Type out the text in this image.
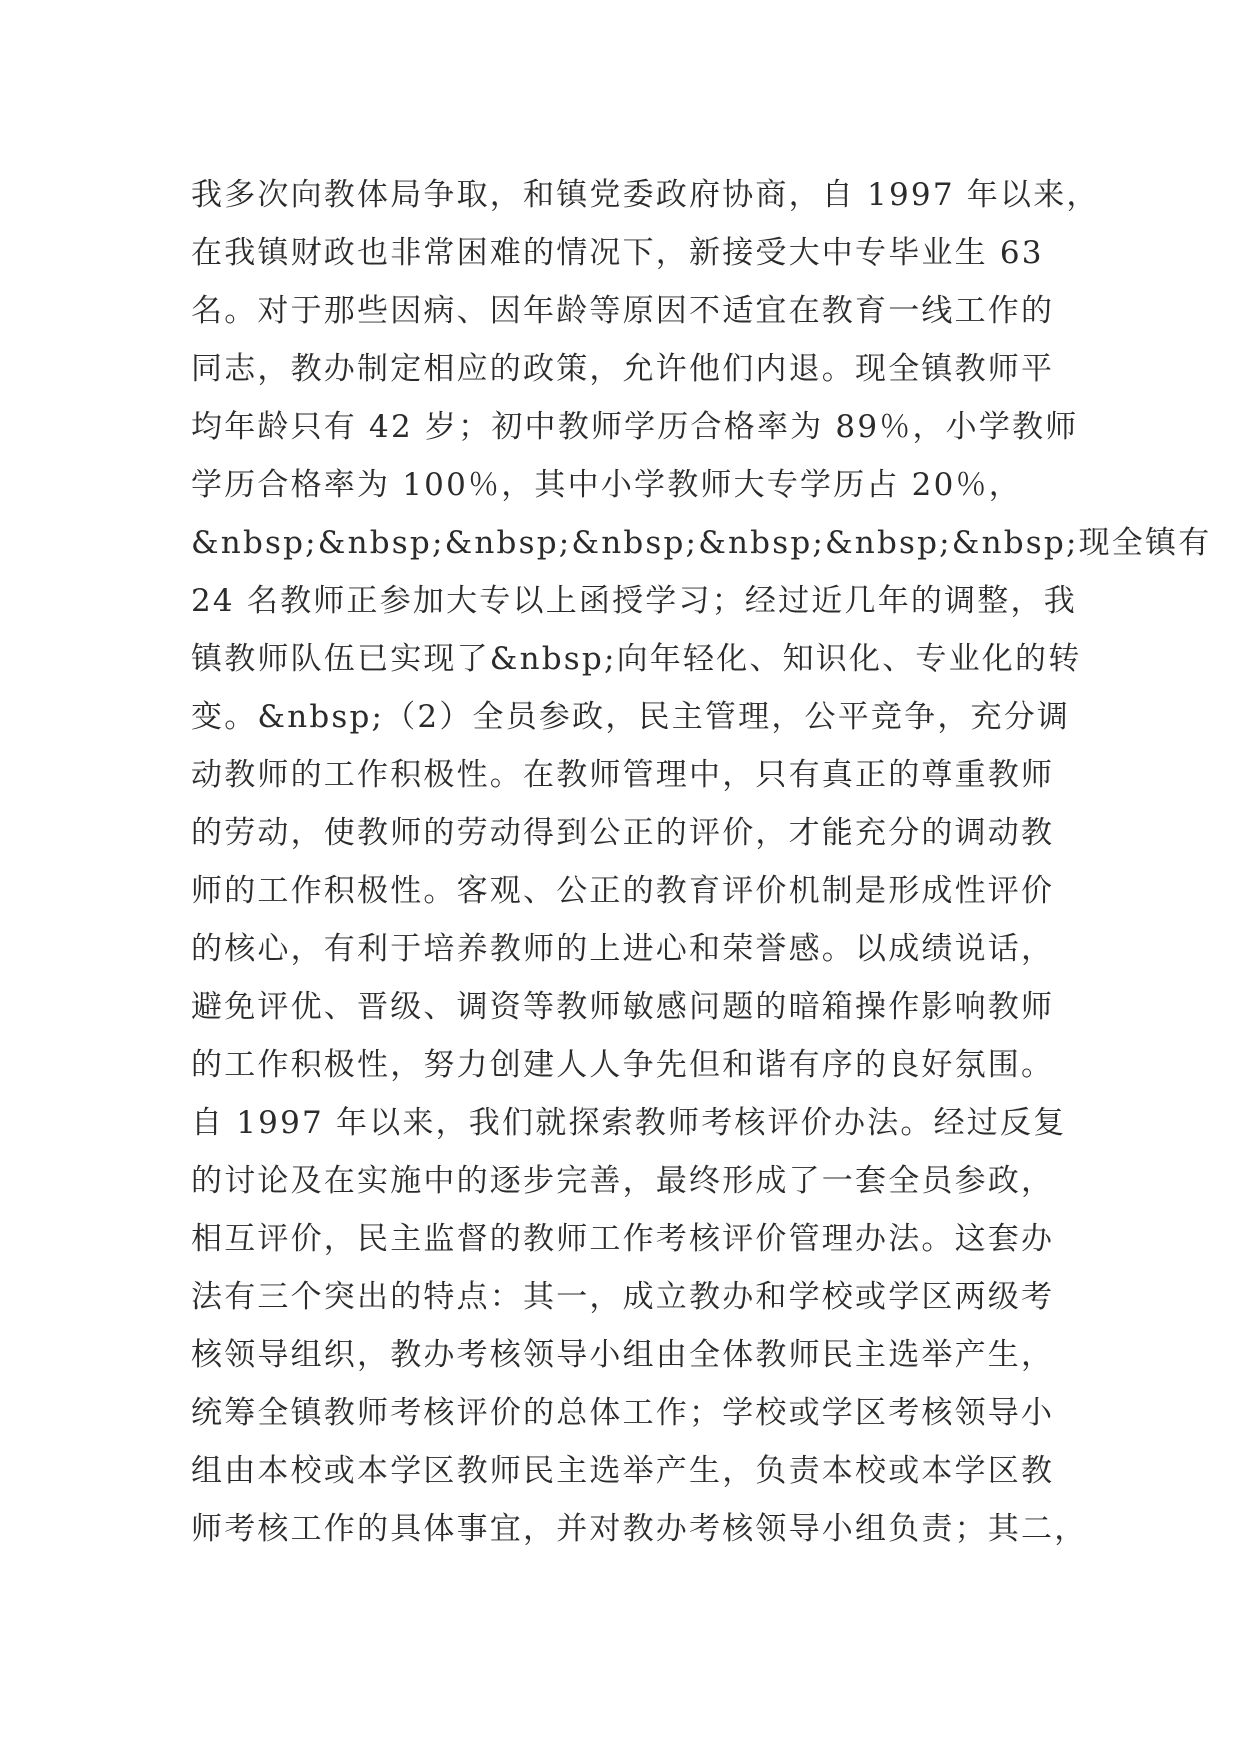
我多次向教体局争取，和镇党委政府协商，自 1997 年以来，
在我镇财政也非常困难的情况下，新接受大中专毕业生 63
名。对于那些因病、因年龄等原因不适宜在教育一线工作的
同志，教办制定相应的政策，允许他们内退。现全镇教师平
均年龄只有 42 岁；初中教师学历合格率为 89％，小学教师
学历合格率为 100％，其中小学教师大专学历占 20％，
&nbsp;&nbsp;&nbsp;&nbsp;&nbsp;&nbsp;&nbsp;现全镇有
24 名教师正参加大专以上函授学习；经过近几年的调整，我
镇教师队伍已实现了&nbsp;向年轻化、知识化、专业化的转
变。&nbsp;（2）全员参政，民主管理，公平竞争，充分调
动教师的工作积极性。在教师管理中，只有真正的尊重教师
的劳动，使教师的劳动得到公正的评价，才能充分的调动教
师的工作积极性。客观、公正的教育评价机制是形成性评价
的核心，有利于培养教师的上进心和荣誉感。以成绩说话，
避免评优、晋级、调资等教师敏感问题的暗箱操作影响教师
的工作积极性，努力创建人人争先但和谐有序的良好氛围。
自 1997 年以来，我们就探索教师考核评价办法。经过反复
的讨论及在实施中的逐步完善，最终形成了一套全员参政，
相互评价，民主监督的教师工作考核评价管理办法。这套办
法有三个突出的特点：其一，成立教办和学校或学区两级考
核领导组织，教办考核领导小组由全体教师民主选举产生，
统筹全镇教师考核评价的总体工作；学校或学区考核领导小
组由本校或本学区教师民主选举产生，负责本校或本学区教
师考核工作的具体事宜，并对教办考核领导小组负责；其二，
